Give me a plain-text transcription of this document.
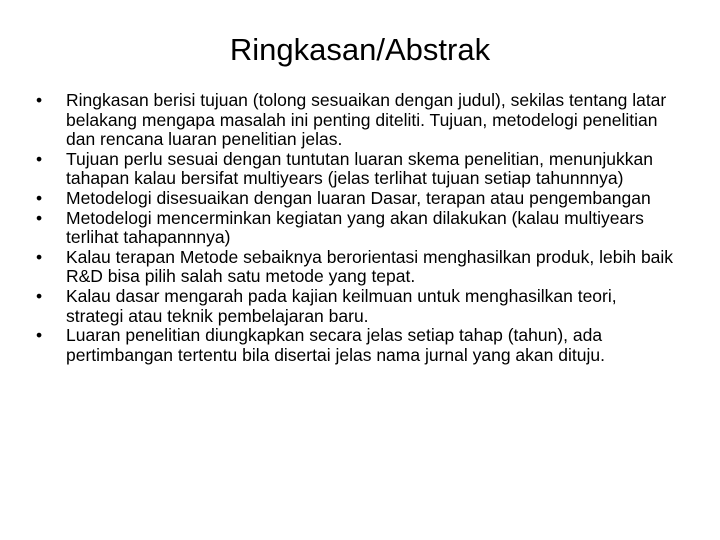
Ringkasan/Abstrak
•	Ringkasan berisi tujuan (tolong sesuaikan dengan judul), sekilas tentang latar belakang mengapa masalah ini penting diteliti. Tujuan, metodelogi penelitian dan rencana luaran penelitian jelas.
•	Tujuan perlu sesuai dengan tuntutan luaran skema penelitian, menunjukkan tahapan kalau bersifat multiyears (jelas terlihat tujuan setiap tahunnnya)
•	Metodelogi disesuaikan dengan luaran Dasar, terapan atau pengembangan
•	Metodelogi mencerminkan kegiatan yang akan dilakukan (kalau multiyears terlihat tahapannnya)
•	Kalau terapan Metode sebaiknya berorientasi menghasilkan produk, lebih baik R&D bisa pilih salah satu metode yang tepat.
•	Kalau dasar mengarah pada kajian keilmuan untuk menghasilkan teori, strategi atau teknik pembelajaran baru.
•	Luaran penelitian diungkapkan secara jelas setiap tahap (tahun), ada pertimbangan tertentu bila disertai jelas nama jurnal yang akan dituju.
